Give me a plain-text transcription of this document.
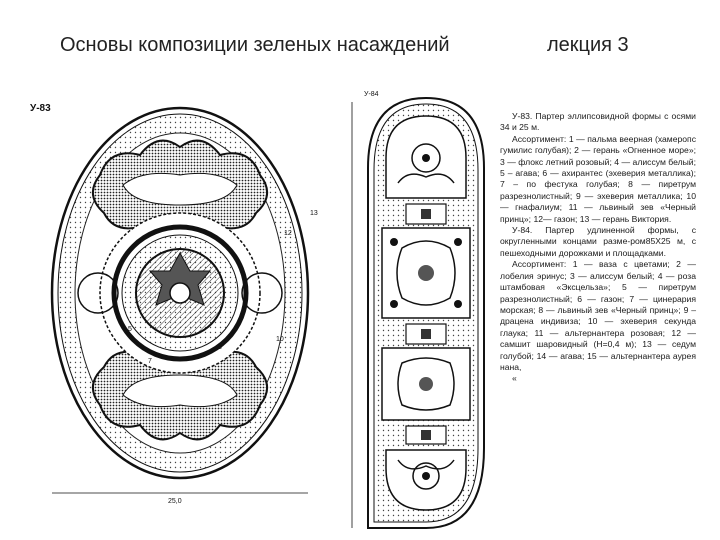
Основы композиции зеленых насаждений	лекция 3
У-83
25,0
13
12
10
5
8
7
У-84

У-83. Партер эллипсовидной формы с осями 34 и 25 м.

Ассортимент: 1 — пальма веерная (хамеропс гумилис голубая); 2 — герань «Огненное море»; 3 — флокс летний розовый; 4 — алиссум белый; 5 – агава; 6 — ахирантес (эхеверия металлика); 7 – по фестука голубая; 8 — пиретрум разрезнолистный; 9 — эхеверия металлика; 10 — гнафалиум; 11 — львиный зев «Черный принц»; 12— газон; 13 — герань Виктория.

У-84. Партер удлиненной формы, с округленными концами разме-ром85Х25 м, с пешеходными дорожками и площадками.

Ассортимент: 1 — ваза с цветами; 2 — лобелия эринус; 3 — алиссум белый; 4 — роза штамбовая «Эксцельза»; 5 — пиретрум разрезнолистный; 6 — газон; 7 — цинерария морская; 8 — львиный зев «Черный принц»; 9 – драцена индивиза; 10 — эхеверия секунда глаука; 11 — альтернантера розовая; 12 — самшит шаровидный (Н=0,4 м); 13 — седум голубой; 14 — агава; 15 — альтернантера аурея нана,

«
